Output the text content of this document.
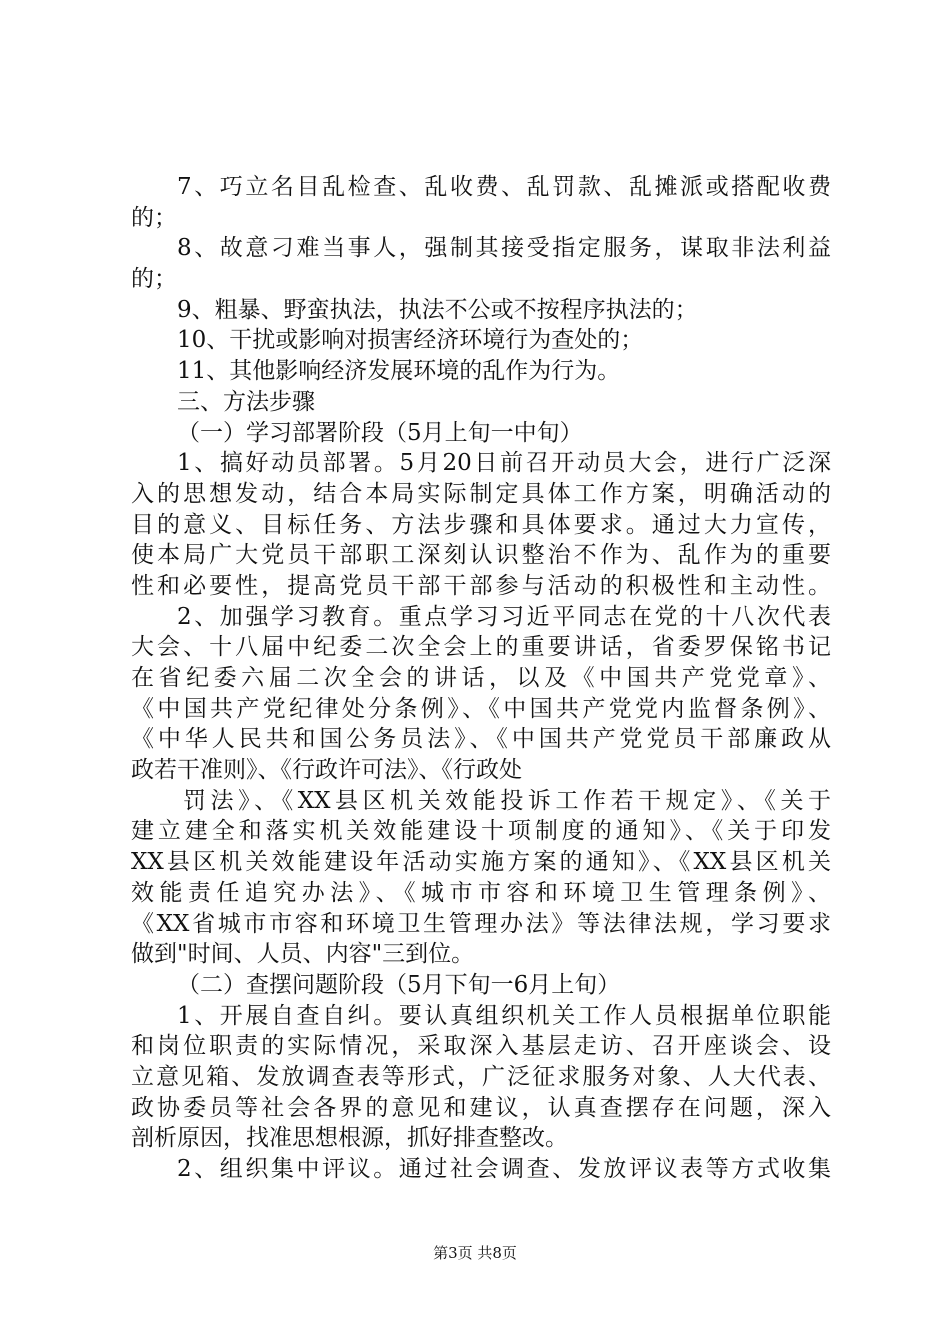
7、巧立名目乱检查、乱收费、乱罚款、乱摊派或搭配收费
的；
8、故意刁难当事人，强制其接受指定服务，谋取非法利益
的；
9、粗暴、野蛮执法，执法不公或不按程序执法的；
10、干扰或影响对损害经济环境行为查处的；
11、其他影响经济发展环境的乱作为行为。
三、方法步骤
（一）学习部署阶段（5月上旬一中旬）
1、搞好动员部署。5月20日前召开动员大会，进行广泛深
入的思想发动，结合本局实际制定具体工作方案，明确活动的
目的意义、目标任务、方法步骤和具体要求。通过大力宣传，
使本局广大党员干部职工深刻认识整治不作为、乱作为的重要
性和必要性，提高党员干部干部参与活动的积极性和主动性。
2、加强学习教育。重点学习习近平同志在党的十八次代表
大会、十八届中纪委二次全会上的重要讲话，省委罗保铭书记
在省纪委六届二次全会的讲话，以及《中国共产党党章》、
《中国共产党纪律处分条例》、《中国共产党党内监督条例》、
《中华人民共和国公务员法》、《中国共产党党员干部廉政从
政若干准则》、《行政许可法》、《行政处
罚法》、《XX县区机关效能投诉工作若干规定》、《关于
建立建全和落实机关效能建设十项制度的通知》、《关于印发
XX县区机关效能建设年活动实施方案的通知》、《XX县区机关
效能责任追究办法》、《城市市容和环境卫生管理条例》、
《XX省城市市容和环境卫生管理办法》等法律法规，学习要求
做到"时间、人员、内容"三到位。
（二）查摆问题阶段（5月下旬一6月上旬）
1、开展自查自纠。要认真组织机关工作人员根据单位职能
和岗位职责的实际情况，采取深入基层走访、召开座谈会、设
立意见箱、发放调查表等形式，广泛征求服务对象、人大代表、
政协委员等社会各界的意见和建议，认真查摆存在问题，深入
剖析原因，找准思想根源，抓好排查整改。
2、组织集中评议。通过社会调查、发放评议表等方式收集
第3页 共8页
